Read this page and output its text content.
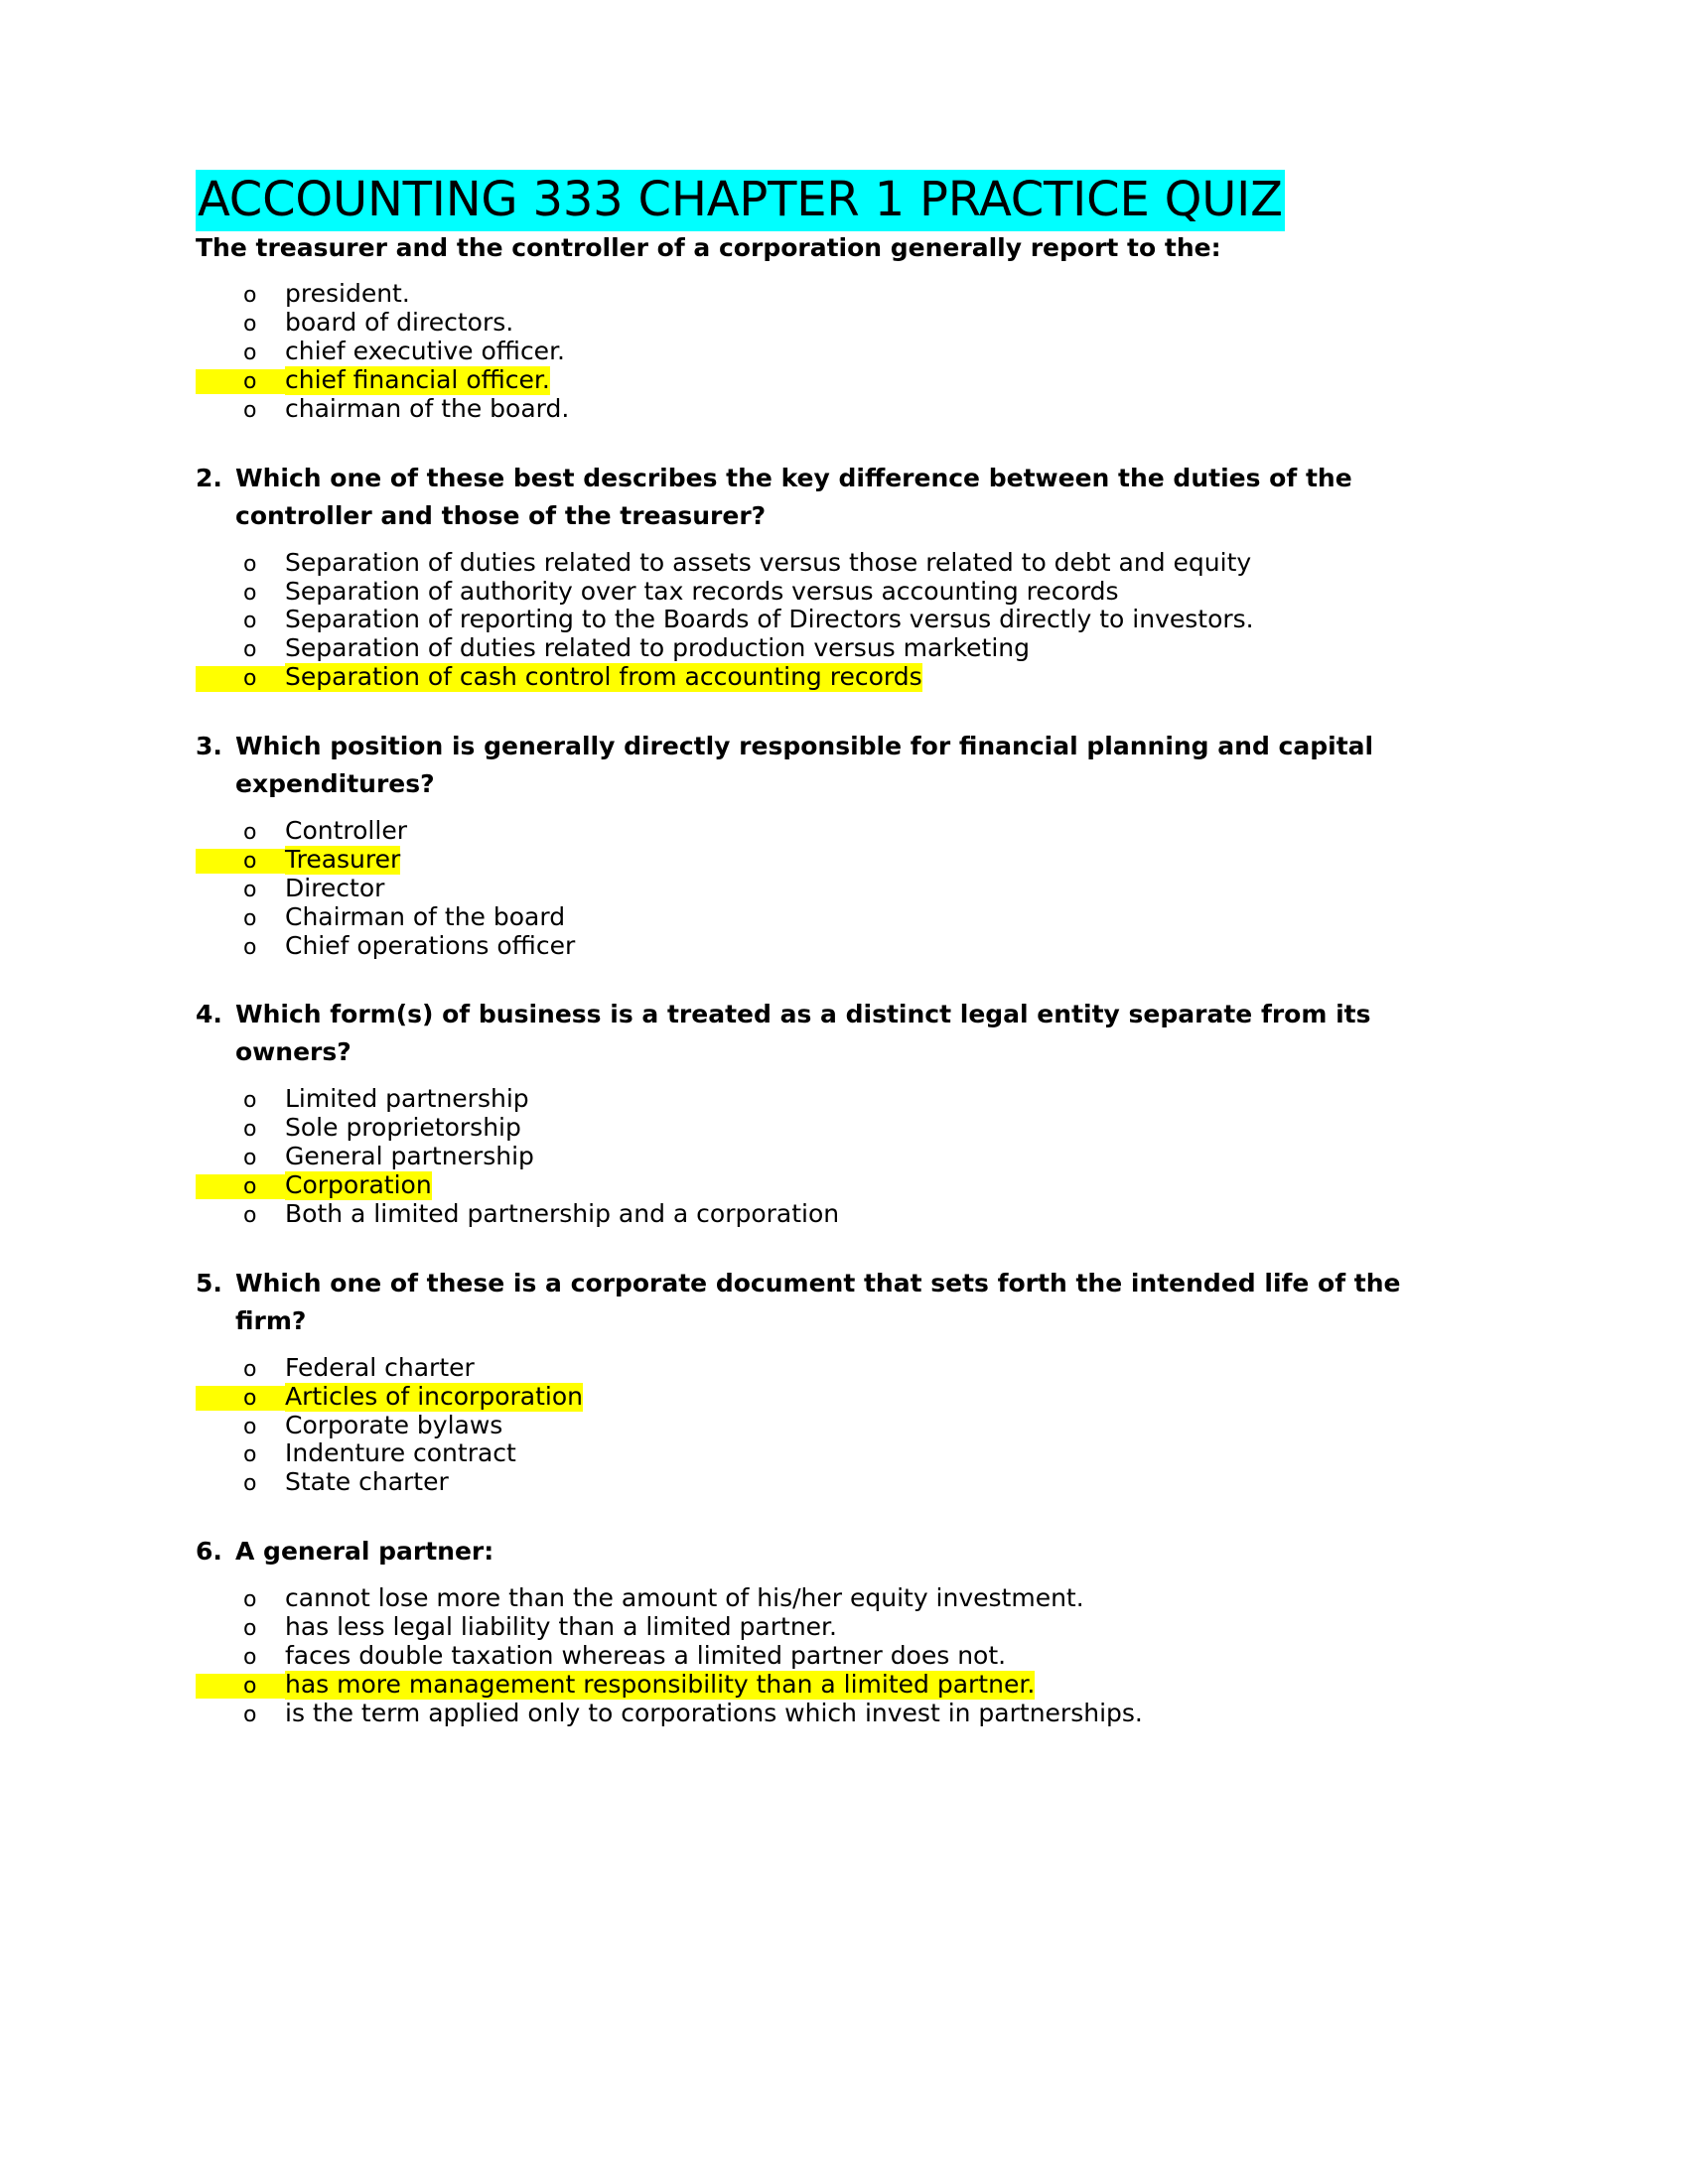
ACCOUNTING 333 CHAPTER 1 PRACTICE QUIZ
The treasurer and the controller of a corporation generally report to the:
o	president.
o	board of directors.
o	chief executive officer.
o	chief financial officer.
o	chairman of the board.
2. Which one of these best describes the key difference between the duties of the controller and those of the treasurer?
o	Separation of duties related to assets versus those related to debt and equity
o	Separation of authority over tax records versus accounting records
o	Separation of reporting to the Boards of Directors versus directly to investors.
o	Separation of duties related to production versus marketing
o	Separation of cash control from accounting records
3. Which position is generally directly responsible for financial planning and capital expenditures?
o	Controller
o	Treasurer
o	Director
o	Chairman of the board
o	Chief operations officer
4. Which form(s) of business is a treated as a distinct legal entity separate from its owners?
o	Limited partnership
o	Sole proprietorship
o	General partnership
o	Corporation
o	Both a limited partnership and a corporation
5. Which one of these is a corporate document that sets forth the intended life of the firm?
o	Federal charter
o	Articles of incorporation
o	Corporate bylaws
o	Indenture contract
o	State charter
6. A general partner:
o	cannot lose more than the amount of his/her equity investment.
o	has less legal liability than a limited partner.
o	faces double taxation whereas a limited partner does not.
o	has more management responsibility than a limited partner.
o	is the term applied only to corporations which invest in partnerships.
